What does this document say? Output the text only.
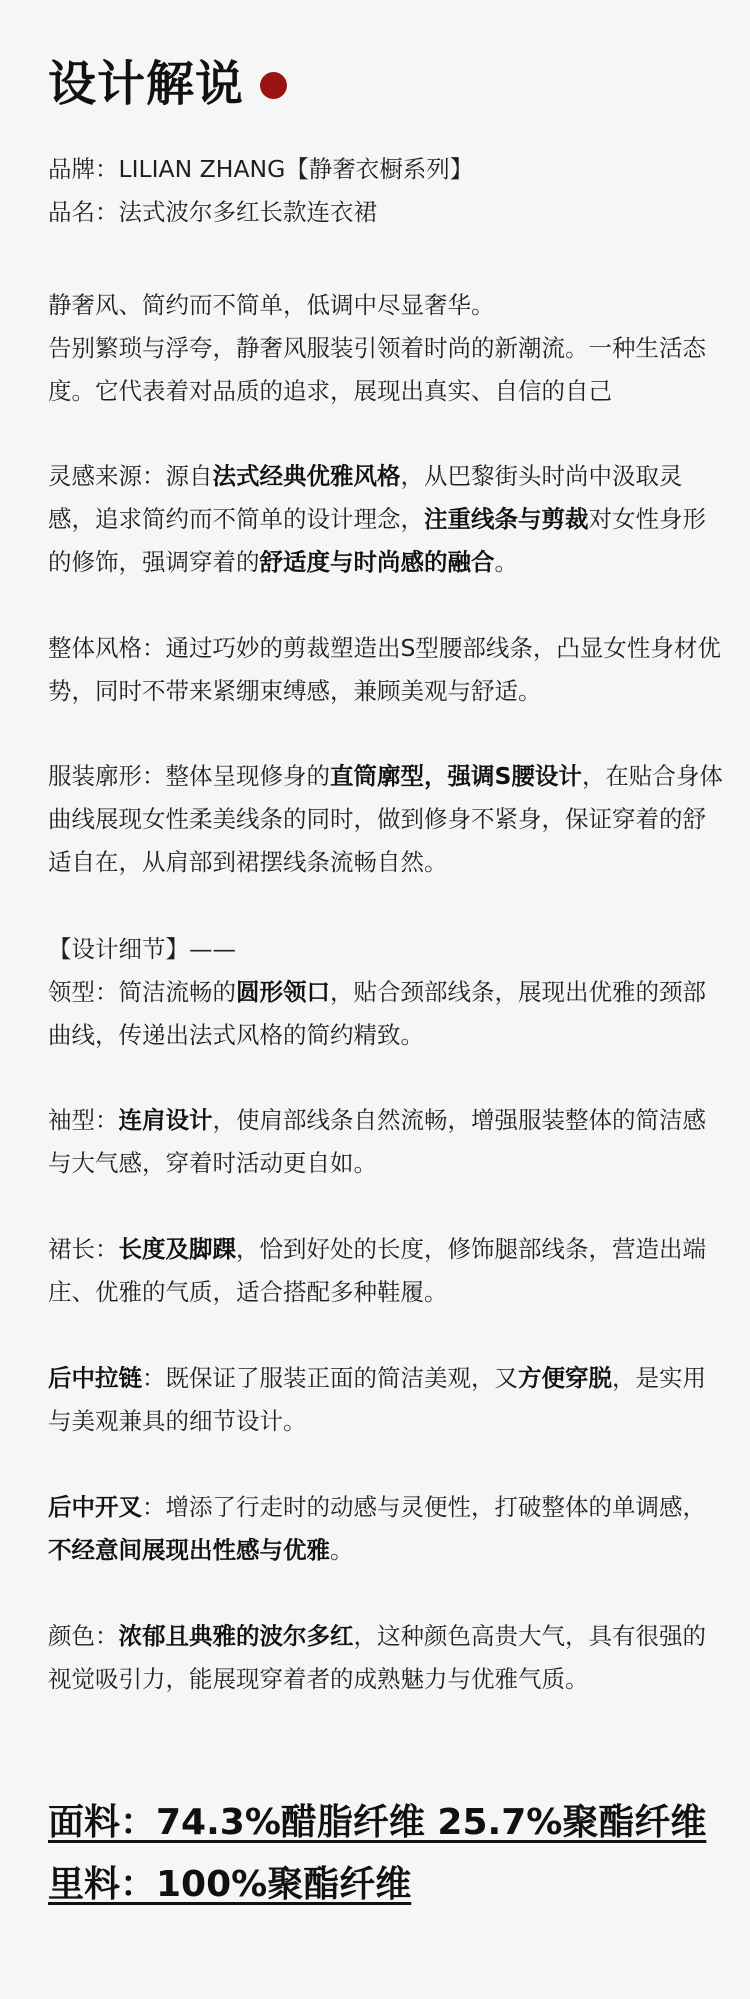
设计解说
品牌：LILIAN ZHANG【静奢衣橱系列】
品名：法式波尔多红长款连衣裙
静奢风、简约而不简单，低调中尽显奢华。
告别繁琐与浮夸，静奢风服装引领着时尚的新潮流。一种生活态度。它代表着对品质的追求，展现出真实、自信的自己
灵感来源：源自法式经典优雅风格，从巴黎街头时尚中汲取灵感，追求简约而不简单的设计理念，注重线条与剪裁对女性身形的修饰，强调穿着的舒适度与时尚感的融合。
整体风格：通过巧妙的剪裁塑造出S型腰部线条，凸显女性身材优势，同时不带来紧绷束缚感，兼顾美观与舒适。
服装廓形：整体呈现修身的直筒廓型，强调S腰设计，在贴合身体曲线展现女性柔美线条的同时，做到修身不紧身，保证穿着的舒适自在，从肩部到裙摆线条流畅自然。
【设计细节】——
领型：简洁流畅的圆形领口，贴合颈部线条，展现出优雅的颈部曲线，传递出法式风格的简约精致。
袖型：连肩设计，使肩部线条自然流畅，增强服装整体的简洁感与大气感，穿着时活动更自如。
裙长：长度及脚踝，恰到好处的长度，修饰腿部线条，营造出端庄、优雅的气质，适合搭配多种鞋履。
后中拉链：既保证了服装正面的简洁美观，又方便穿脱，是实用与美观兼具的细节设计。
后中开叉：增添了行走时的动感与灵便性，打破整体的单调感，不经意间展现出性感与优雅。
颜色：浓郁且典雅的波尔多红，这种颜色高贵大气，具有很强的视觉吸引力，能展现穿着者的成熟魅力与优雅气质。
面料：74.3%醋脂纤维 25.7%聚酯纤维
里料：100%聚酯纤维
